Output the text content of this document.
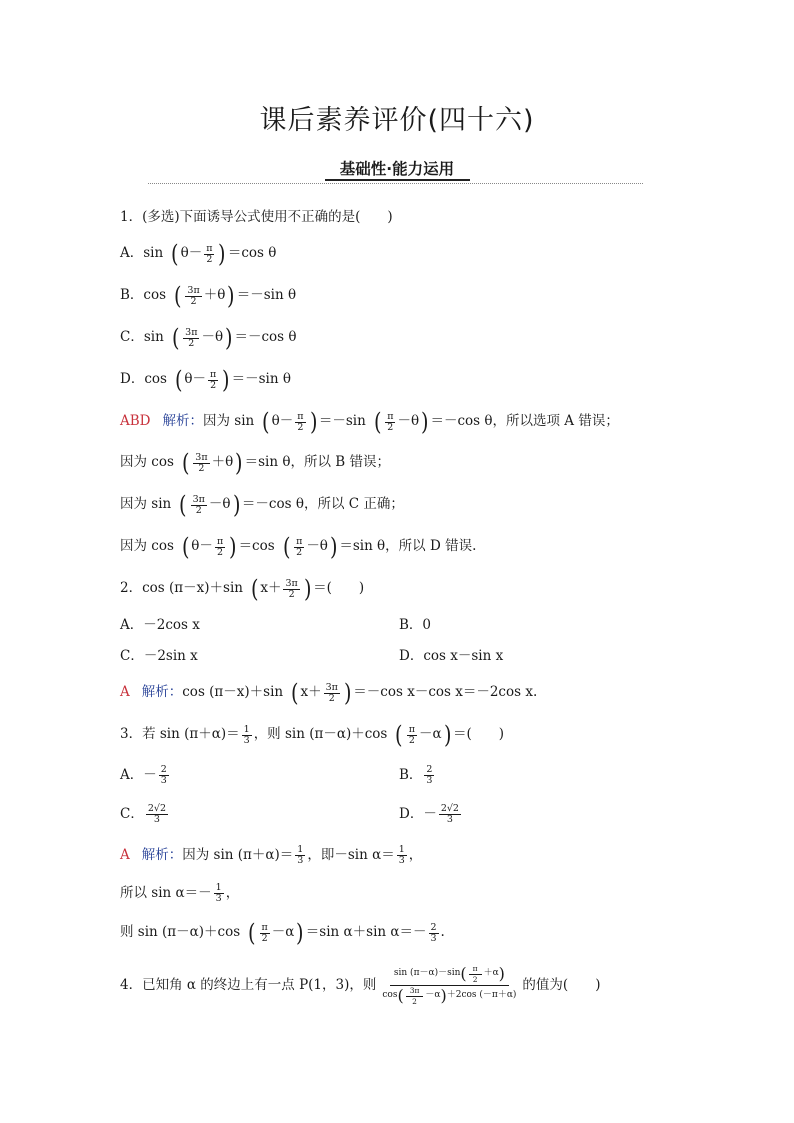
课后素养评价(四十六)
基础性·能力运用
1．(多选)下面诱导公式使用不正确的是(　　)
A．sin ( $\theta- \frac{\pi}{2}$ ) ＝cos θ
B．cos ( $\frac{3\pi}{2} +\theta$ ) ＝－sin θ
C．sin ( $\frac{3\pi}{2} -\theta$ ) ＝－cos θ
D．cos ( $\theta- \frac{\pi}{2}$ ) ＝－sin θ
ABD 解析： 因为 sin ( $\theta- \frac{\pi}{2}$ ) ＝－sin ( $\frac{\pi}{2} -\theta$ ) ＝－cos θ，所以选项 A 错误；
因为 cos ( $\frac{3\pi}{2} +\theta$ ) ＝sin θ，所以 B 错误；
因为 sin ( $\frac{3\pi}{2} -\theta$ ) ＝－cos θ，所以 C 正确；
因为 cos ( $\theta- \frac{\pi}{2}$ ) ＝cos ( $\frac{\pi}{2} -\theta$ ) ＝sin θ，所以 D 错误.
2．cos (π－x)＋sin ( $x+ \frac{3\pi}{2}$ ) ＝(　　)
A．－2cos x	B．0
C．－2sin x	D．cos x－sin x
A 解析： cos (π－x)＋sin ( $x+ \frac{3\pi}{2}$ ) ＝－cos x－cos x＝－2cos x.
3．若 $\sin (\pi+\alpha)= \frac{1}{3}$ ，则 sin (π－α)＋cos ( $\frac{\pi}{2} -\alpha$ ) ＝(　　)
A．－ $\frac{2}{3}$	B． $\frac{2}{3}$
C． $\frac{2√2}{3}$	D．－ $\frac{2√2}{3}$
A 解析： 因为 $\sin (\pi+\alpha)= \frac{1}{3}$ ，即－sin $\alpha= \frac{1}{3}$ ，
所以 $\sin \alpha=- \frac{1}{3}$ ，
则 sin (π－α)＋cos ( $\frac{\pi}{2} -\alpha$ ) ＝sin α＋sin $\alpha=- \frac{2}{3}$ .
4．已知角 α 的终边上有一点 P(1，3)，则
sin (π－α)－sin ( $\frac{\pi}{2} +\alpha$ )
cos ( $\frac{3\pi}{2} -\alpha$ ) ＋2cos (－π＋α)
的值为(　　)
